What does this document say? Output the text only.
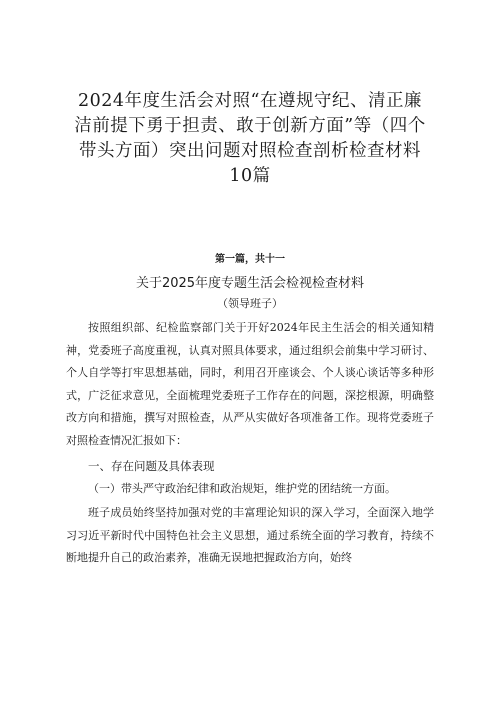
2024年度生活会对照“在遵规守纪、清正廉
洁前提下勇于担责、敢于创新方面”等（四个
带头方面）突出问题对照检查剖析检查材料
10篇

第一篇，共十一

关于2025年度专题生活会检视检查材料

（领导班子）

按照组织部、纪检监察部门关于开好2024年民主生活会的相关通知精神，党委班子高度重视，认真对照具体要求，通过组织会前集中学习研讨、个人自学等打牢思想基础，同时，利用召开座谈会、个人谈心谈话等多种形式，广泛征求意见，全面梳理党委班子工作存在的问题，深挖根源，明确整改方向和措施，撰写对照检查，从严从实做好各项准备工作。现将党委班子对照检查情况汇报如下：

一、存在问题及具体表现

（一）带头严守政治纪律和政治规矩，维护党的团结统一方面。

班子成员始终坚持加强对党的丰富理论知识的深入学习，全面深入地学习习近平新时代中国特色社会主义思想，通过系统全面的学习教育，持续不断地提升自己的政治素养，准确无误地把握政治方向，始终
